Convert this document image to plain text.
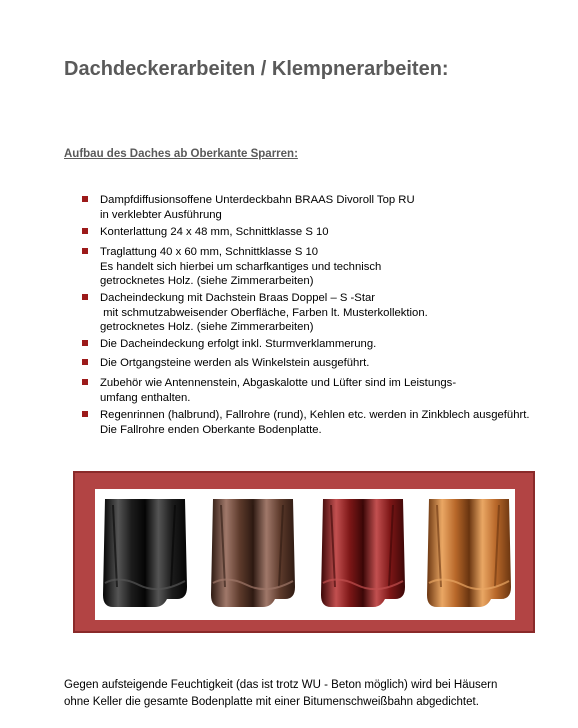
Dachdeckerarbeiten / Klempnerarbeiten:
Aufbau des Daches ab Oberkante Sparren:
Dampfdiffusionsoffene Unterdeckbahn BRAAS Divoroll Top RU
in verklebter Ausführung
Konterlattung 24 x 48 mm, Schnittklasse S 10
Traglattung 40 x 60 mm, Schnittklasse S 10
Es handelt sich hierbei um scharfkantiges und technisch
getrocknetes Holz. (siehe Zimmerarbeiten)
Dacheindeckung mit Dachstein Braas Doppel – S -Star
mit schmutzabweisender Oberfläche, Farben lt. Musterkollektion.
getrocknetes Holz. (siehe Zimmerarbeiten)
Die Dacheindeckung erfolgt inkl. Sturmverklammerung.
Die Ortgangsteine werden als Winkelstein ausgeführt.
Zubehör wie Antennenstein, Abgaskalotte und Lüfter sind im Leistungs-
umfang enthalten.
Regenrinnen (halbrund), Fallrohre (rund), Kehlen etc. werden in Zinkblech ausgeführt.
Die Fallrohre enden Oberkante Bodenplatte.
Gegen aufsteigende Feuchtigkeit (das ist trotz WU - Beton möglich) wird bei Häusern
ohne Keller die gesamte Bodenplatte mit einer Bitumenschweißbahn abgedichtet.
